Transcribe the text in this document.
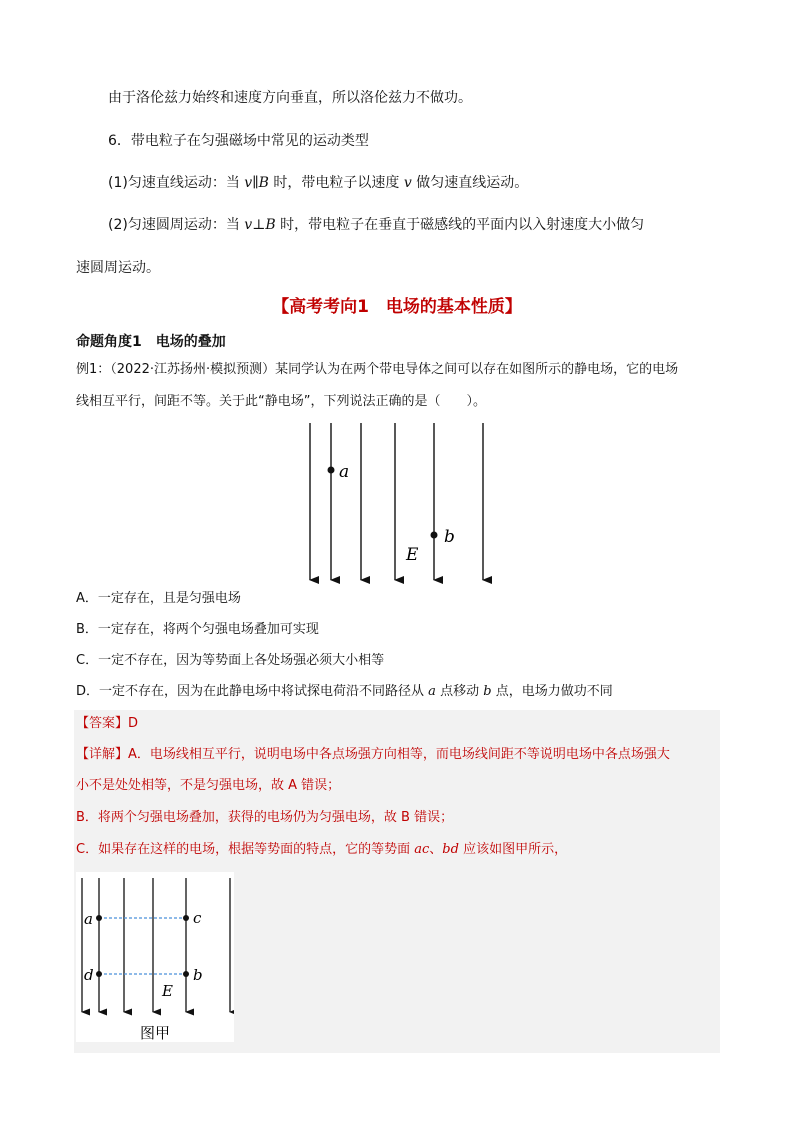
由于洛伦兹力始终和速度方向垂直，所以洛伦兹力不做功。
6．带电粒子在匀强磁场中常见的运动类型
(1)匀速直线运动：当 v∥B 时，带电粒子以速度 v 做匀速直线运动。
(2)匀速圆周运动：当 v⊥B 时，带电粒子在垂直于磁感线的平面内以入射速度大小做匀
速圆周运动。
【高考考向1　电场的基本性质】
命题角度1　电场的叠加
例1：（2022·江苏扬州·模拟预测）某同学认为在两个带电导体之间可以存在如图所示的静电场，它的电场
线相互平行，间距不等。关于此“静电场”，下列说法正确的是（　　）。
a
b
E
A．一定存在，且是匀强电场
B．一定存在，将两个匀强电场叠加可实现
C．一定不存在，因为等势面上各处场强必须大小相等
D．一定不存在，因为在此静电场中将试探电荷沿不同路径从 a 点移动 b 点，电场力做功不同
【答案】D
【详解】A．电场线相互平行，说明电场中各点场强方向相等，而电场线间距不等说明电场中各点场强大
小不是处处相等，不是匀强电场，故 A 错误；
B．将两个匀强电场叠加，获得的电场仍为匀强电场，故 B 错误；
C．如果存在这样的电场，根据等势面的特点，它的等势面 ac、bd 应该如图甲所示，
a	c
d	b
E
图甲
